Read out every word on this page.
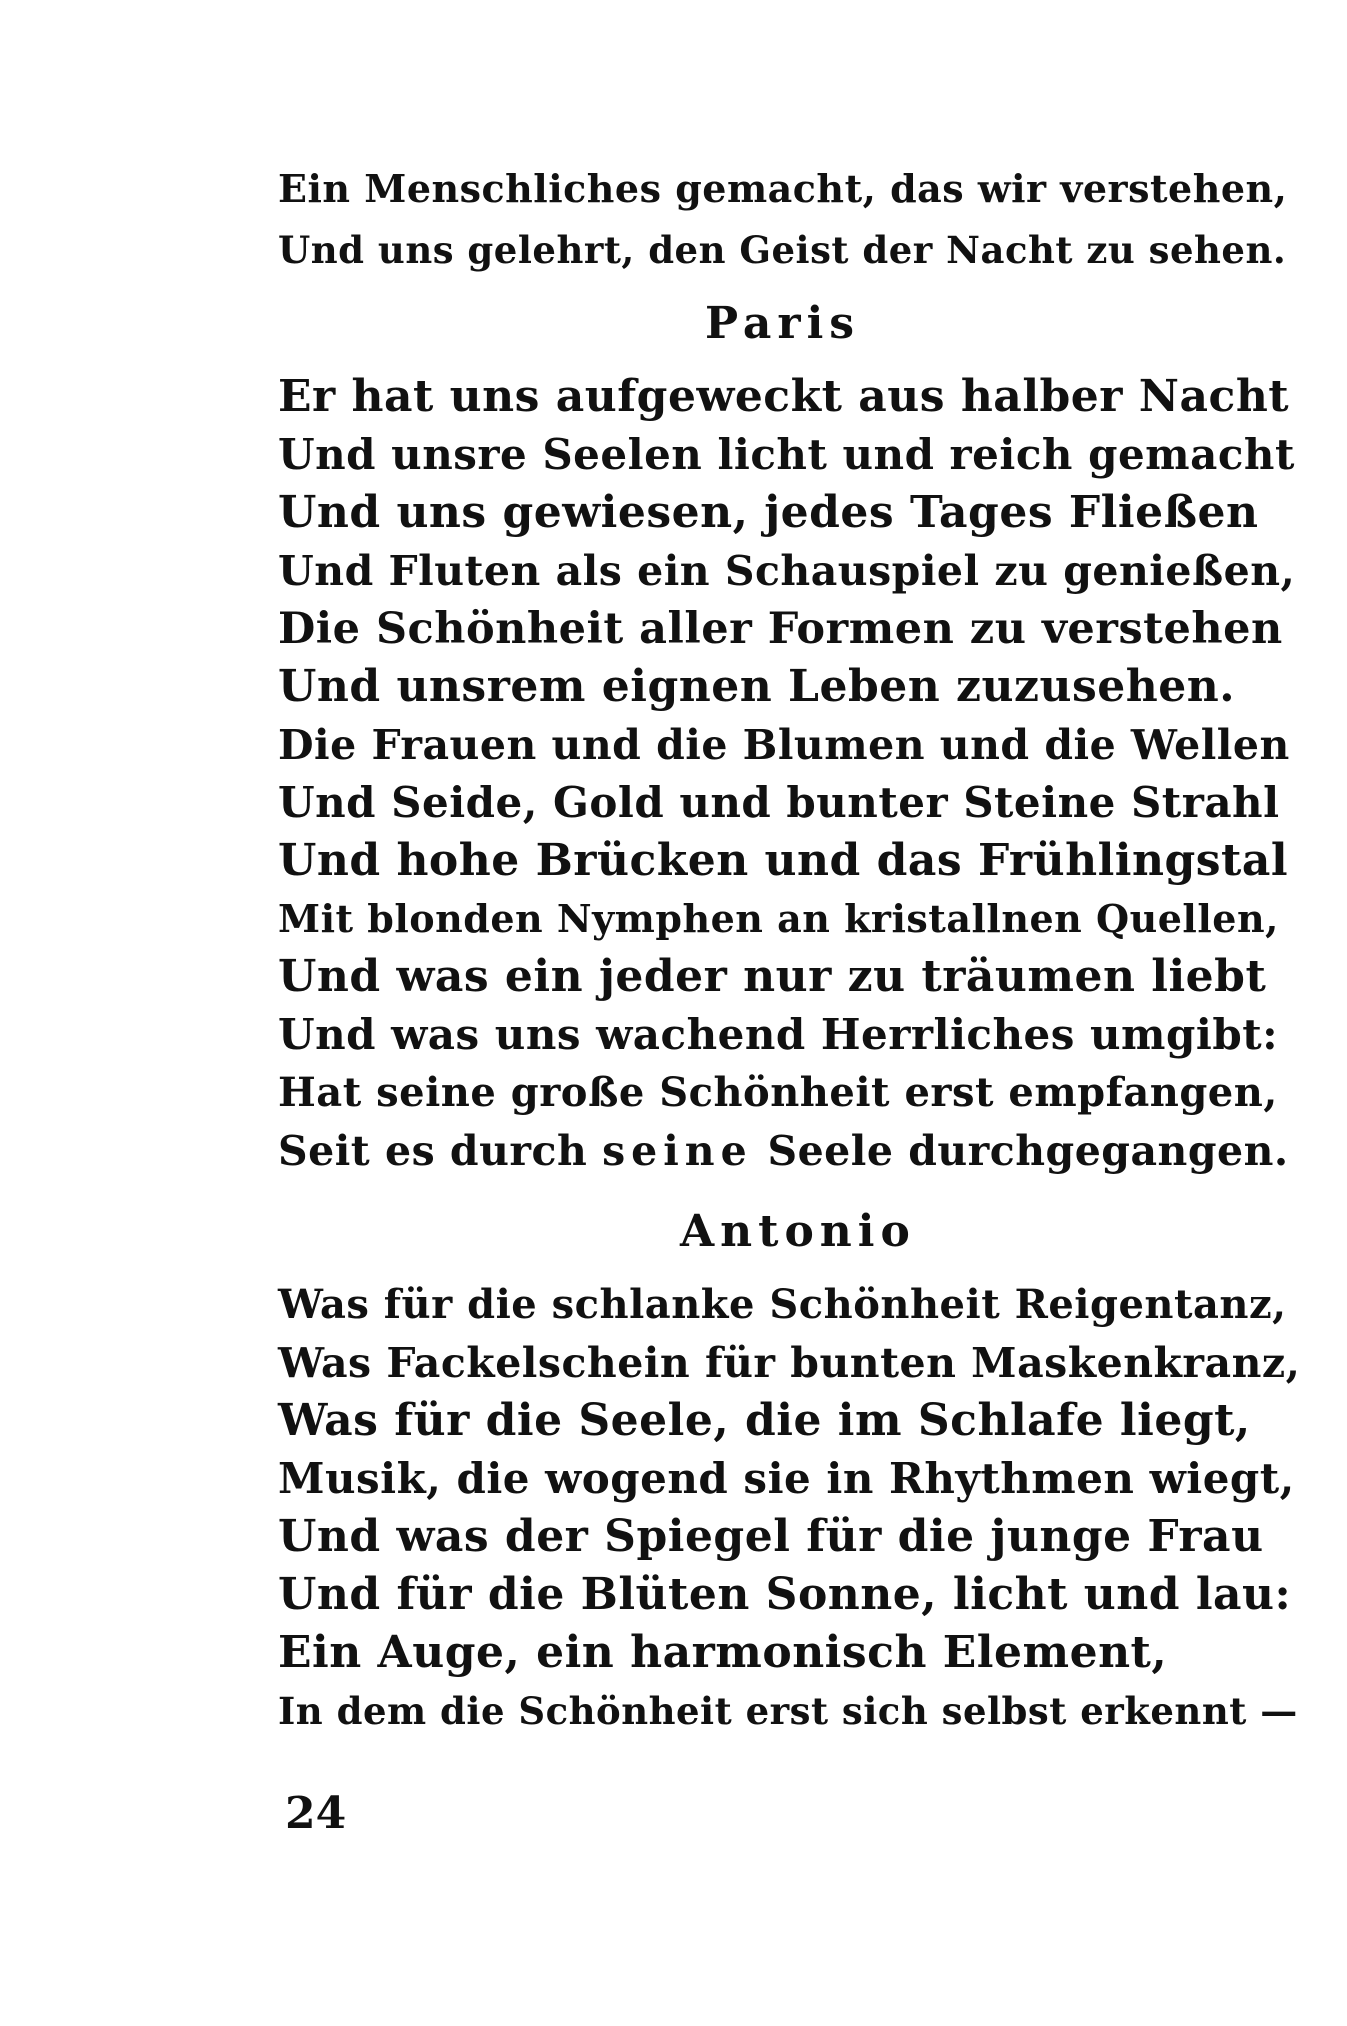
Ein Menschliches gemacht, das wir verstehen,
Und uns gelehrt, den Geist der Nacht zu sehen.
Paris
Er hat uns aufgeweckt aus halber Nacht
Und unsre Seelen licht und reich gemacht
Und uns gewiesen, jedes Tages Fließen
Und Fluten als ein Schauspiel zu genießen,
Die Schönheit aller Formen zu verstehen
Und unsrem eignen Leben zuzusehen.
Die Frauen und die Blumen und die Wellen
Und Seide, Gold und bunter Steine Strahl
Und hohe Brücken und das Frühlingstal
Mit blonden Nymphen an kristallnen Quellen,
Und was ein jeder nur zu träumen liebt
Und was uns wachend Herrliches umgibt:
Hat seine große Schönheit erst empfangen,
Seit es durch seine Seele durchgegangen.
Antonio
Was für die schlanke Schönheit Reigentanz,
Was Fackelschein für bunten Maskenkranz,
Was für die Seele, die im Schlafe liegt,
Musik, die wogend sie in Rhythmen wiegt,
Und was der Spiegel für die junge Frau
Und für die Blüten Sonne, licht und lau:
Ein Auge, ein harmonisch Element,
In dem die Schönheit erst sich selbst erkennt —
24
